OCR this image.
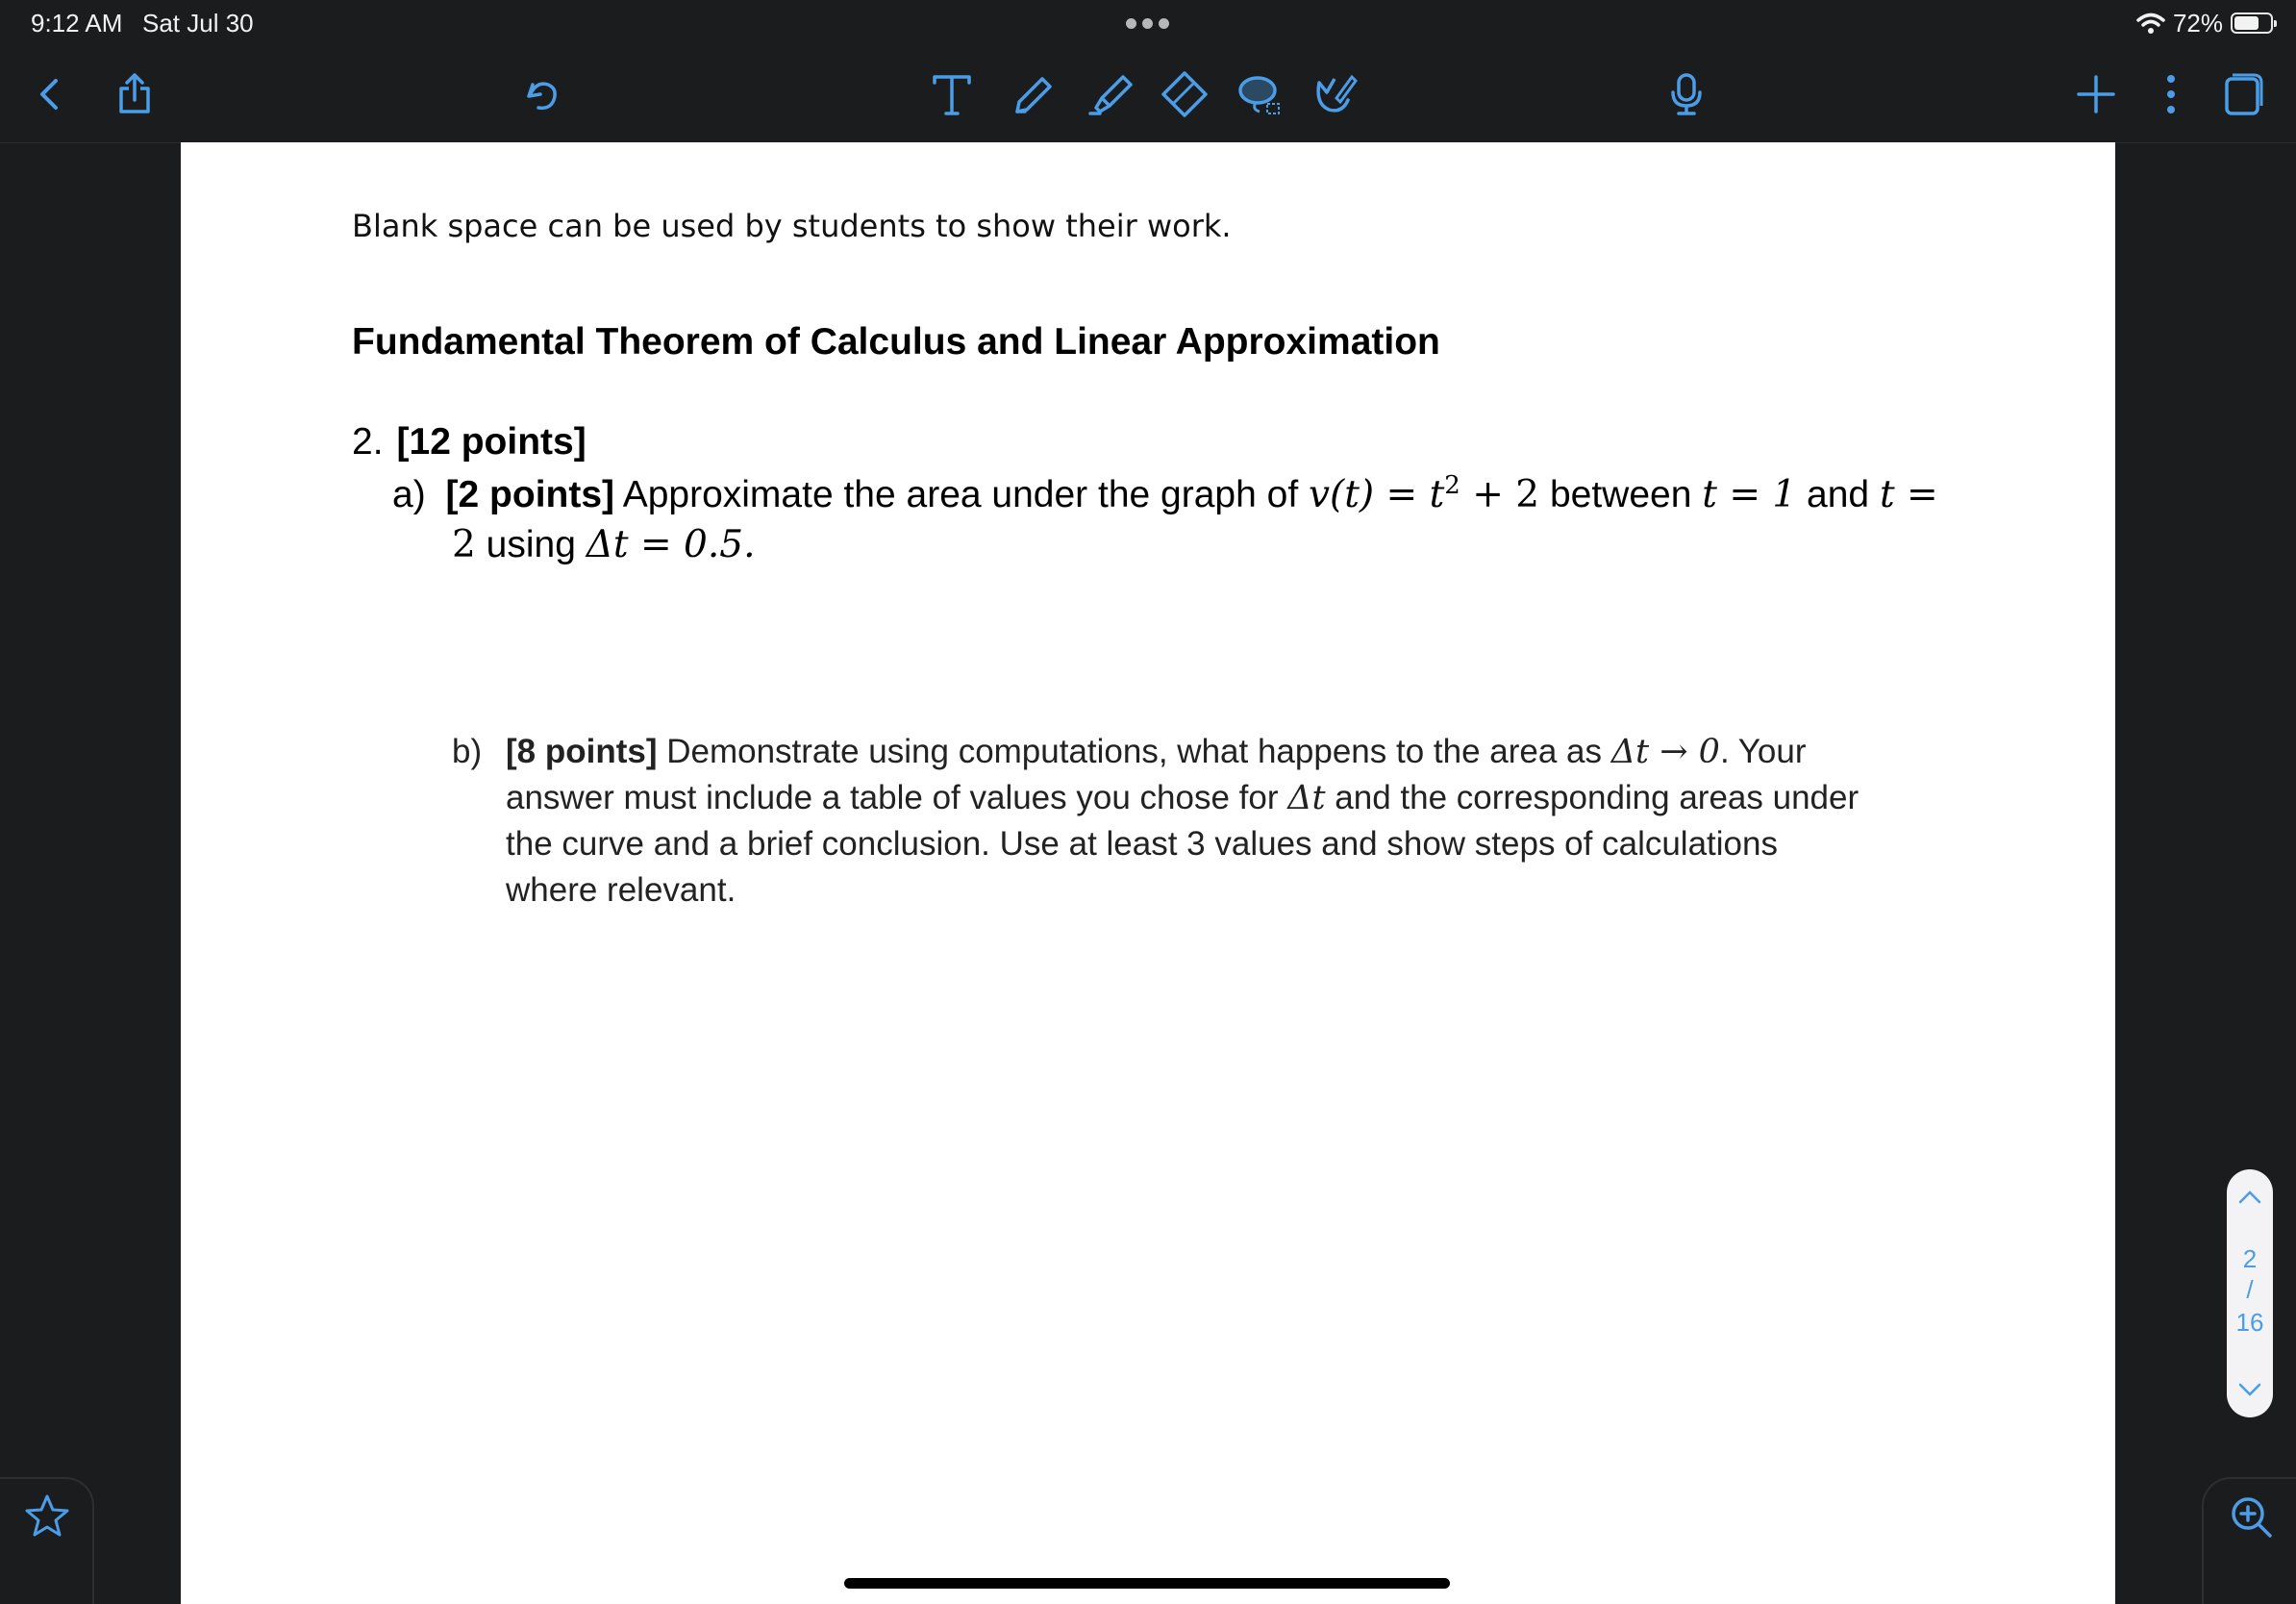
9:12 AM Sat Jul 30	72%
Blank space can be used by students to show their work.
Fundamental Theorem of Calculus and Linear Approximation
2. [12 points]
a) [2 points] Approximate the area under the graph of $v(t) = t^2 + 2$ between t = 1 and t =
2 using Δt = 0.5.

b) [8 points] Demonstrate using computations, what happens to the area as Δt → 0. Your

answer must include a table of values you chose for Δt and the corresponding areas under

the curve and a brief conclusion. Use at least 3 values and show steps of calculations

where relevant.

2
/
16
